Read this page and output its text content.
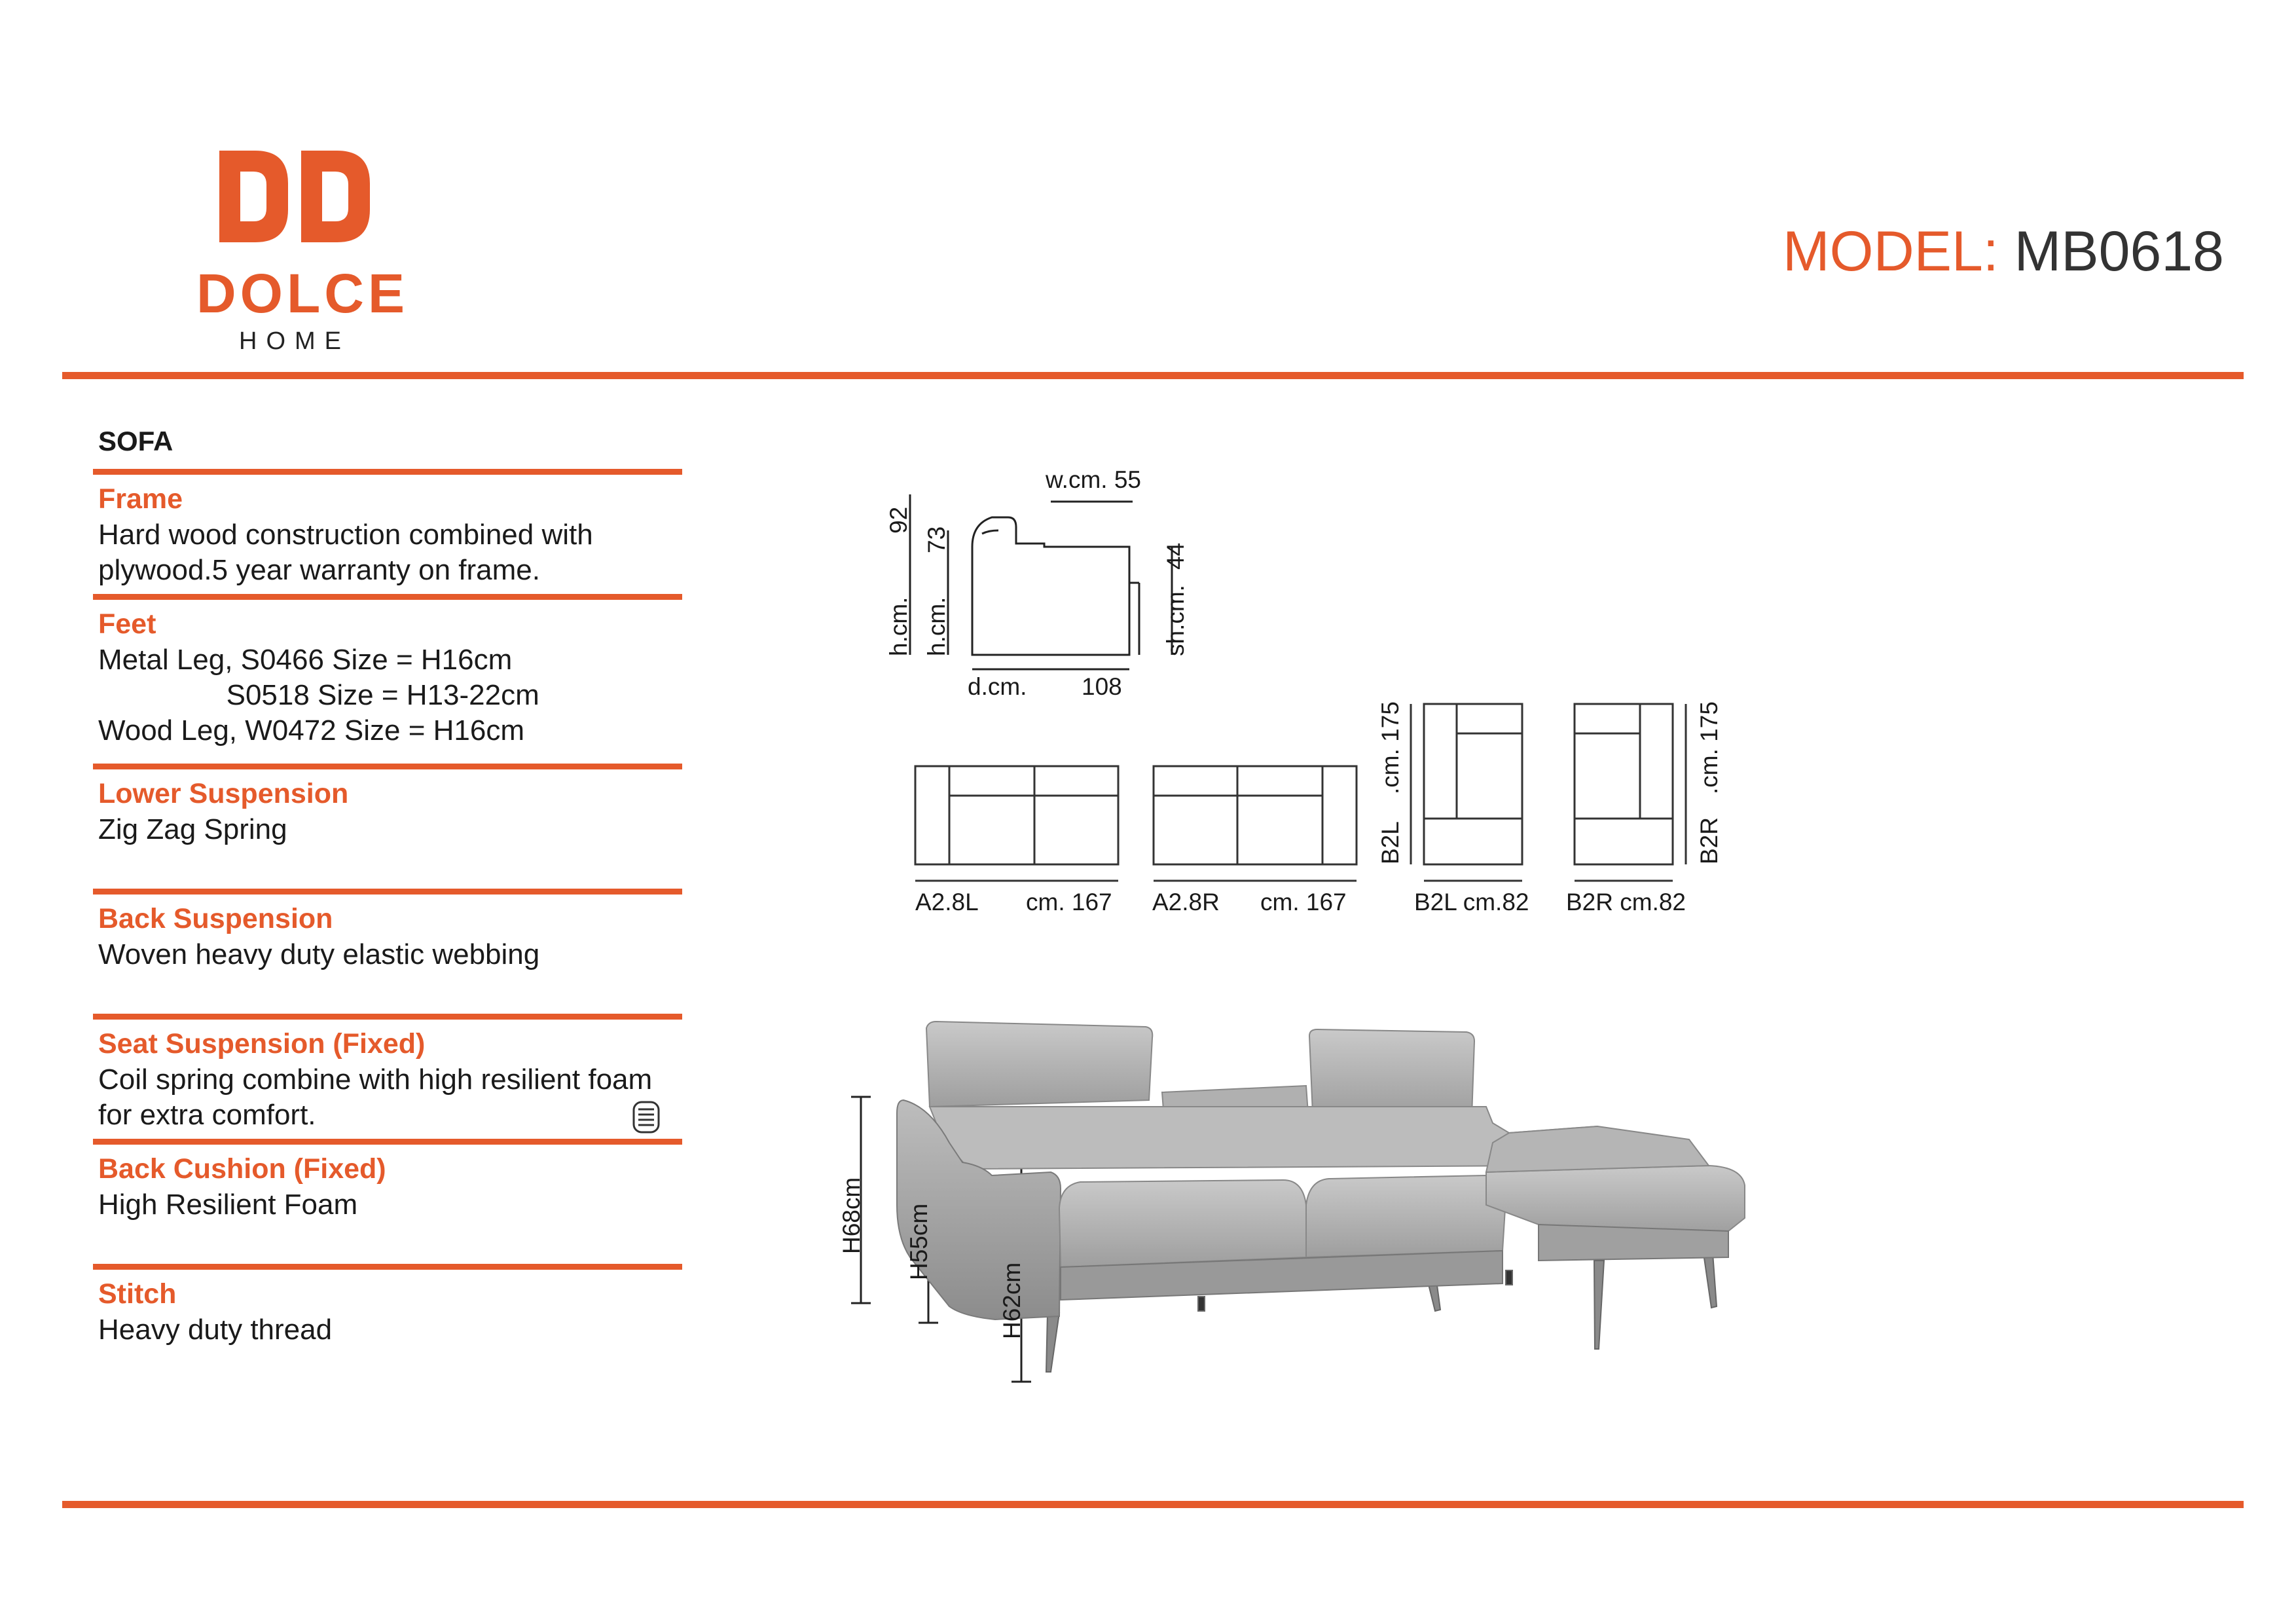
DOLCE
HOME
MODEL: MB0618
SOFA
Frame
Hard wood construction combined with
plywood.5 year warranty on frame.
Feet
Metal Leg, S0466 Size = H16cm
S0518 Size = H13-22cm
Wood Leg, W0472 Size = H16cm
Lower Suspension
Zig Zag Spring
Back Suspension
Woven heavy duty elastic webbing
Seat Suspension (Fixed)
Coil spring combine with high resilient foam
for extra comfort.
Back Cushion (Fixed)
High Resilient Foam
Stitch
Heavy duty thread
w.cm. 55
h.cm.
92
h.cm.
73
sh.cm.
44
d.cm. 108
A2.8L cm. 167 A2.8R cm. 167	B2L cm.82 B2R cm.82
B2L
.cm. 175
B2R
.cm. 175
H68cm H55cm
H62cm
